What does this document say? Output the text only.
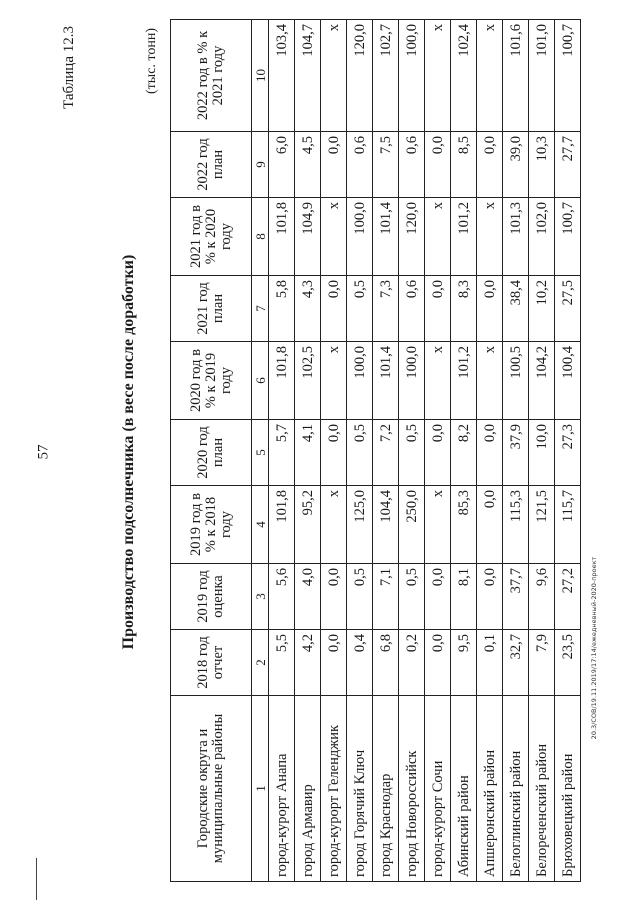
57
Таблица 12.3
Производство подсолнечника (в весе после доработки)
(тыс. тонн)
Городские округа и муниципальные районы	2018 год отчет	2019 год оценка	2019 год в % к 2018 году	2020 год план	2020 год в % к 2019 году	2021 год план	2021 год в % к 2020 году	2022 год план	2022 год в % к 2021 году
1	2	3	4	5	6	7	8	9	10
город-курорт Анапа	5,5	5,6	101,8	5,7	101,8	5,8	101,8	6,0	103,4
город Армавир	4,2	4,0	95,2	4,1	102,5	4,3	104,9	4,5	104,7
город-курорт Геленджик	0,0	0,0	x	0,0	x	0,0	x	0,0	x
город Горячий Ключ	0,4	0,5	125,0	0,5	100,0	0,5	100,0	0,6	120,0
город Краснодар	6,8	7,1	104,4	7,2	101,4	7,3	101,4	7,5	102,7
город Новороссийск	0,2	0,5	250,0	0,5	100,0	0,6	120,0	0,6	100,0
город-курорт Сочи	0,0	0,0	x	0,0	x	0,0	x	0,0	x
Абинский район	9,5	8,1	85,3	8,2	101,2	8,3	101,2	8,5	102,4
Апшеронский район	0,1	0,0	0,0	0,0	x	0,0	x	0,0	x
Белоглинский район	32,7	37,7	115,3	37,9	100,5	38,4	101,3	39,0	101,6
Белореченский район	7,9	9,6	121,5	10,0	104,2	10,2	102,0	10,3	101,0
Брюховецкий район	23,5	27,2	115,7	27,3	100,4	27,5	100,7	27,7	100,7
20.3/СОВ/19.11.2019/17:14/ежедневный-2020-проект
